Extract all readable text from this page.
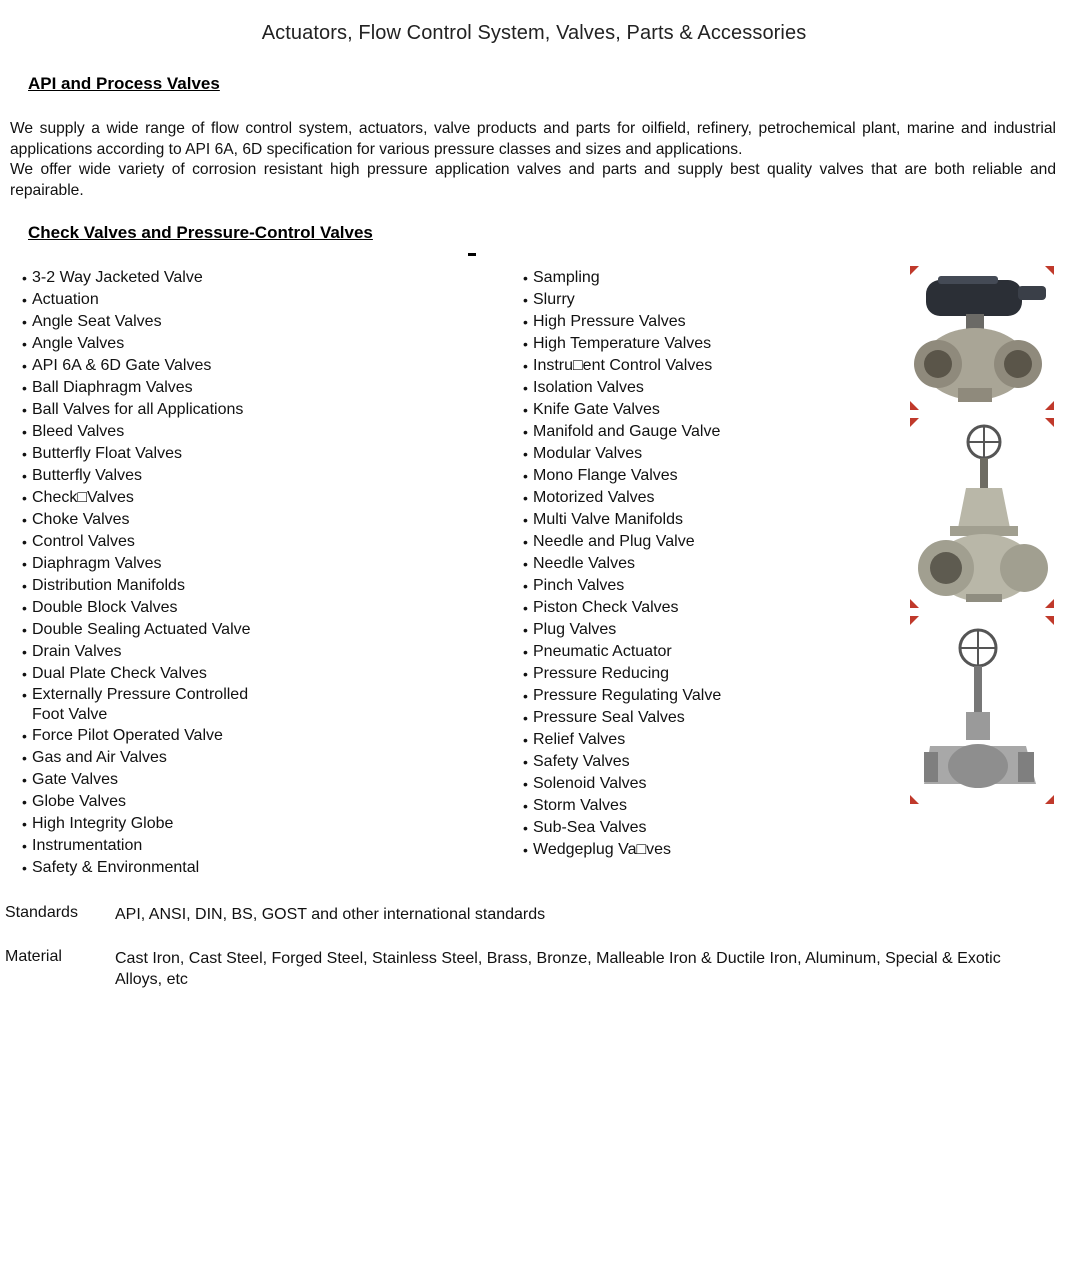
Actuators, Flow Control System, Valves, Parts & Accessories
API and Process Valves

We supply a wide range of flow control system, actuators, valve products and parts for oilfield, refinery, petrochemical plant, marine and industrial applications according to API 6A, 6D specification for various pressure classes and sizes and applications.

We offer wide variety of corrosion resistant high pressure application valves and parts and supply best quality valves that are both reliable and repairable.

Check Valves and Pressure-Control Valves
• 3-2 Way Jacketed Valve
• Actuation
• Angle Seat Valves
• Angle Valves
• API 6A & 6D Gate Valves
• Ball Diaphragm Valves
• Ball Valves for all Applications
• Bleed Valves
• Butterfly Float Valves
• Butterfly Valves
• Check□Valves
• Choke Valves
• Control Valves
• Diaphragm Valves
• Distribution Manifolds
• Double Block Valves
• Double Sealing Actuated Valve
• Drain Valves
• Dual Plate Check Valves
• Externally Pressure Controlled
Foot Valve
• Force Pilot Operated Valve
• Gas and Air Valves
• Gate Valves
• Globe Valves
• High Integrity Globe
• Instrumentation
• Safety & Environmental
• Sampling
• Slurry
• High Pressure Valves
• High Temperature Valves
• Instru□ent Control Valves
• Isolation Valves
• Knife Gate Valves
• Manifold and Gauge Valve
• Modular Valves
• Mono Flange Valves
• Motorized Valves
• Multi Valve Manifolds
• Needle and Plug Valve
• Needle Valves
• Pinch Valves
• Piston Check Valves
• Plug Valves
• Pneumatic Actuator
• Pressure Reducing
• Pressure Regulating Valve
• Pressure Seal Valves
• Relief Valves
• Safety Valves
• Solenoid Valves
• Storm Valves
• Sub-Sea Valves
• Wedgeplug Va□ves
Standards API, ANSI, DIN, BS, GOST and other international standards
Material	Cast Iron, Cast Steel, Forged Steel, Stainless Steel, Brass, Bronze, Malleable Iron & Ductile Iron, Aluminum, Special & Exotic Alloys, etc
